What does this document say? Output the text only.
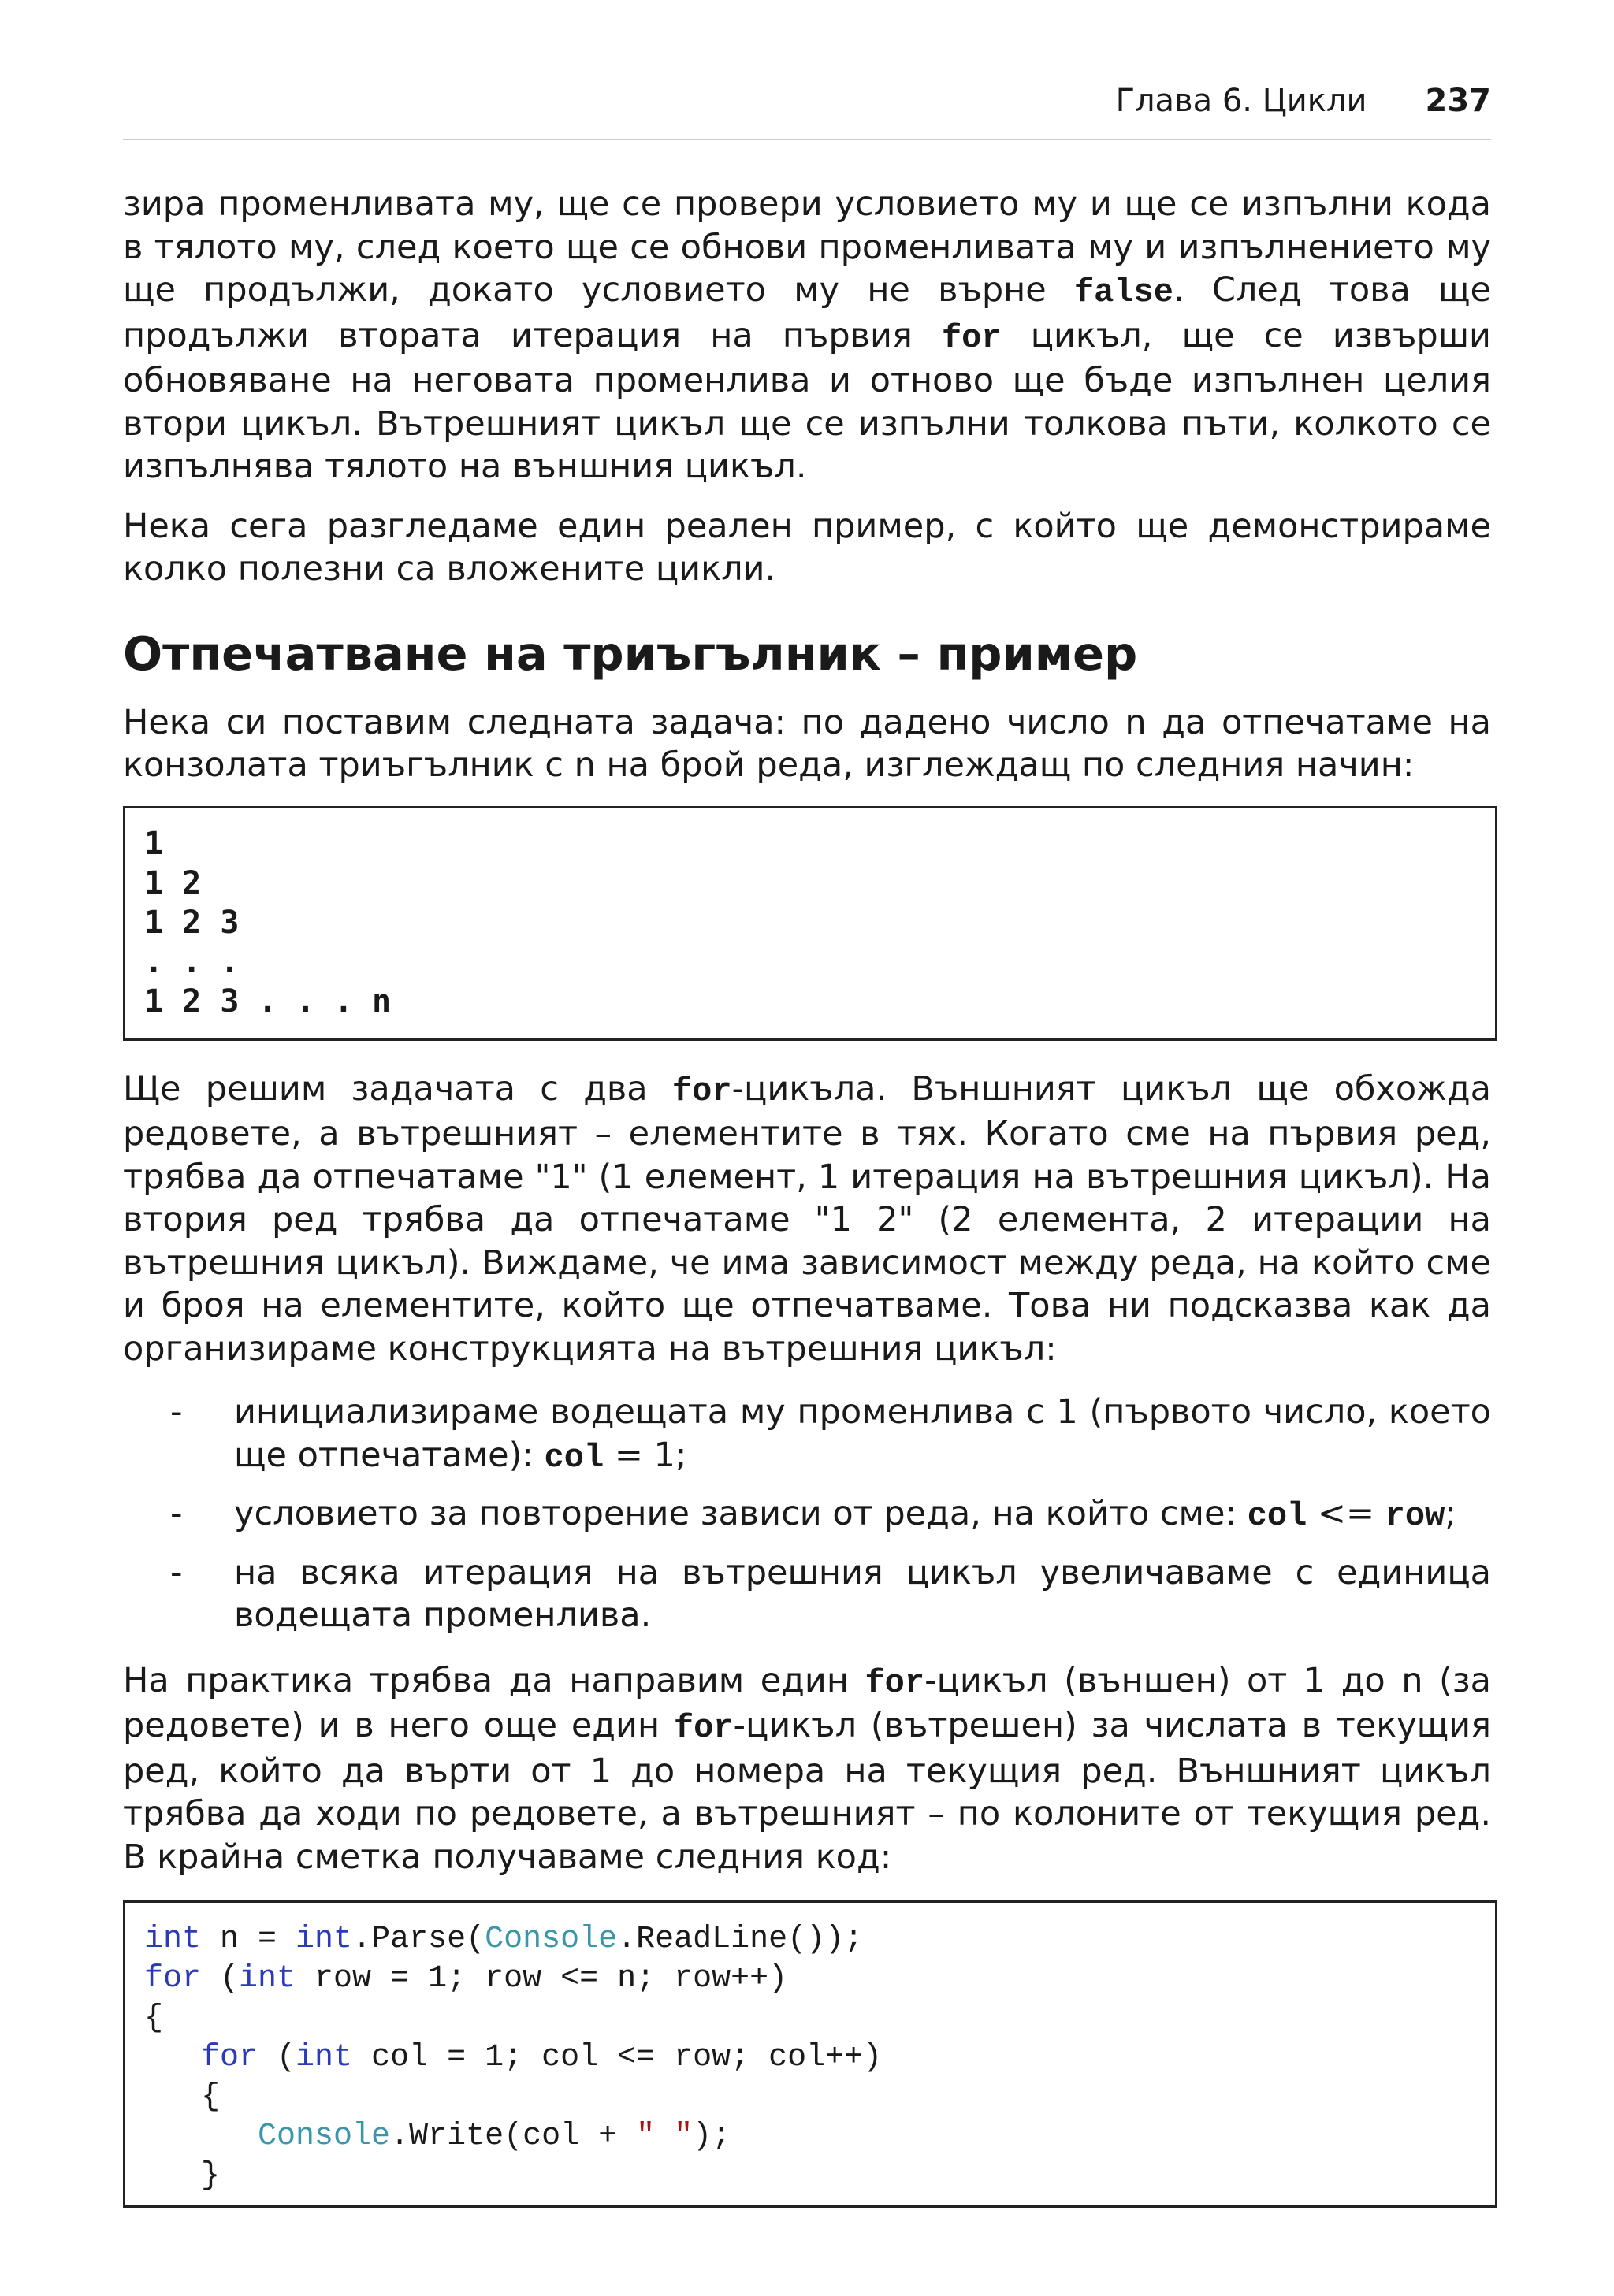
Глава 6. Цикли 237

зира променливата му, ще се провери условието му и ще се изпълни кода в тялото му, след което ще се обнови променливата му и изпълнението му ще продължи, докато условието му не върне false. След това ще продължи втората итерация на първия for цикъл, ще се извърши обновяване на неговата променлива и отново ще бъде изпълнен целия втори цикъл. Вътрешният цикъл ще се изпълни толкова пъти, колкото се изпълнява тялото на външния цикъл.

Нека сега разгледаме един реален пример, с който ще демонстрираме колко полезни са вложените цикли.

Отпечатване на триъгълник – пример

Нека си поставим следната задача: по дадено число n да отпечатаме на конзолата триъгълник с n на брой реда, изглеждащ по следния начин:

1
1 2
1 2 3
. . .
1 2 3 . . . n

Ще решим задачата с два for-цикъла. Външният цикъл ще обхожда редовете, а вътрешният – елементите в тях. Когато сме на първия ред, трябва да отпечатаме "1" (1 елемент, 1 итерация на вътрешния цикъл). На втория ред трябва да отпечатаме "1 2" (2 елемента, 2 итерации на вътрешния цикъл). Виждаме, че има зависимост между реда, на който сме и броя на елементите, който ще отпечатваме. Това ни подсказва как да организираме конструкцията на вътрешния цикъл:

- инициализираме водещата му променлива с 1 (първото число, което ще отпечатаме): col = 1;
- условието за повторение зависи от реда, на който сме: col <= row;
- на всяка итерация на вътрешния цикъл увеличаваме с единица водещата променлива.

На практика трябва да направим един for-цикъл (външен) от 1 до n (за редовете) и в него още един for-цикъл (вътрешен) за числата в текущия ред, който да върти от 1 до номера на текущия ред. Външният цикъл трябва да ходи по редовете, а вътрешният – по колоните от текущия ред. В крайна сметка получаваме следния код:

int n = int.Parse(Console.ReadLine());
for (int row = 1; row <= n; row++)
{
for (int col = 1; col <= row; col++)
{
Console.Write(col + " ");
}
